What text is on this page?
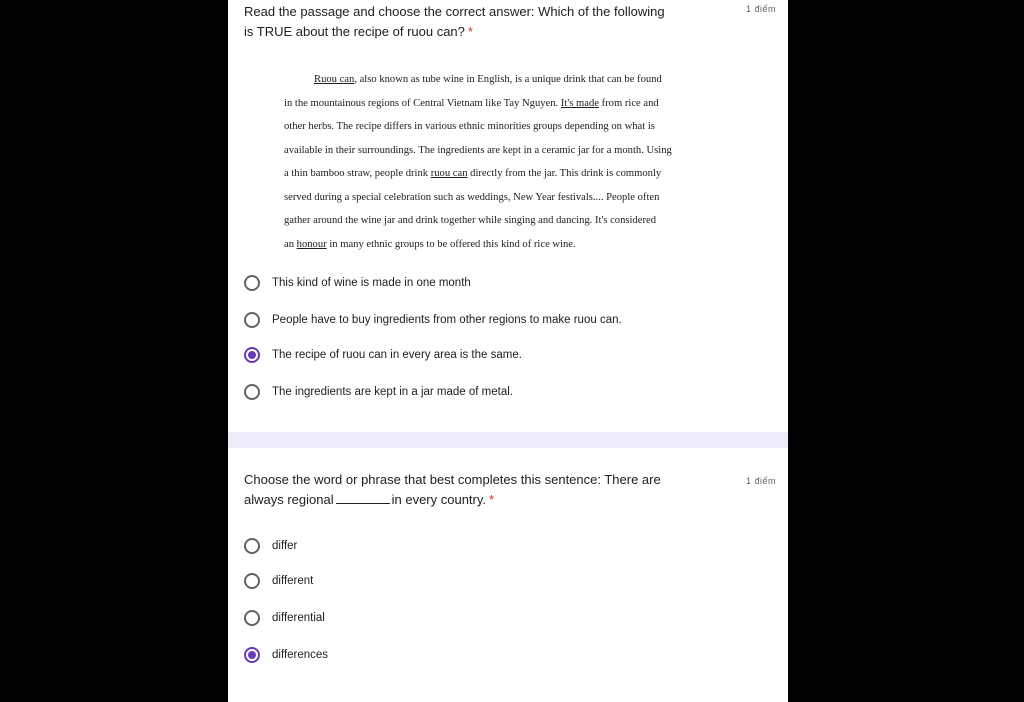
Read the passage and choose the correct answer: Which of the following
is TRUE about the recipe of ruou can? *
1 điểm
Ruou can, also known as tube wine in English, is a unique drink that can be found
in the mountainous regions of Central Vietnam like Tay Nguyen. It's made from rice and
other herbs. The recipe differs in various ethnic minorities groups depending on what is
available in their surroundings. The ingredients are kept in a ceramic jar for a month. Using
a thin bamboo straw, people drink ruou can directly from the jar. This drink is commonly
served during a special celebration such as weddings, New Year festivals.... People often
gather around the wine jar and drink together while singing and dancing. It's considered
an honour in many ethnic groups to be offered this kind of rice wine.
This kind of wine is made in one month
People have to buy ingredients from other regions to make ruou can.
The recipe of ruou can in every area is the same.
The ingredients are kept in a jar made of metal.
Choose the word or phrase that best completes this sentence: There are
always regional	in every country. *
1 điểm
differ
different
differential
differences
